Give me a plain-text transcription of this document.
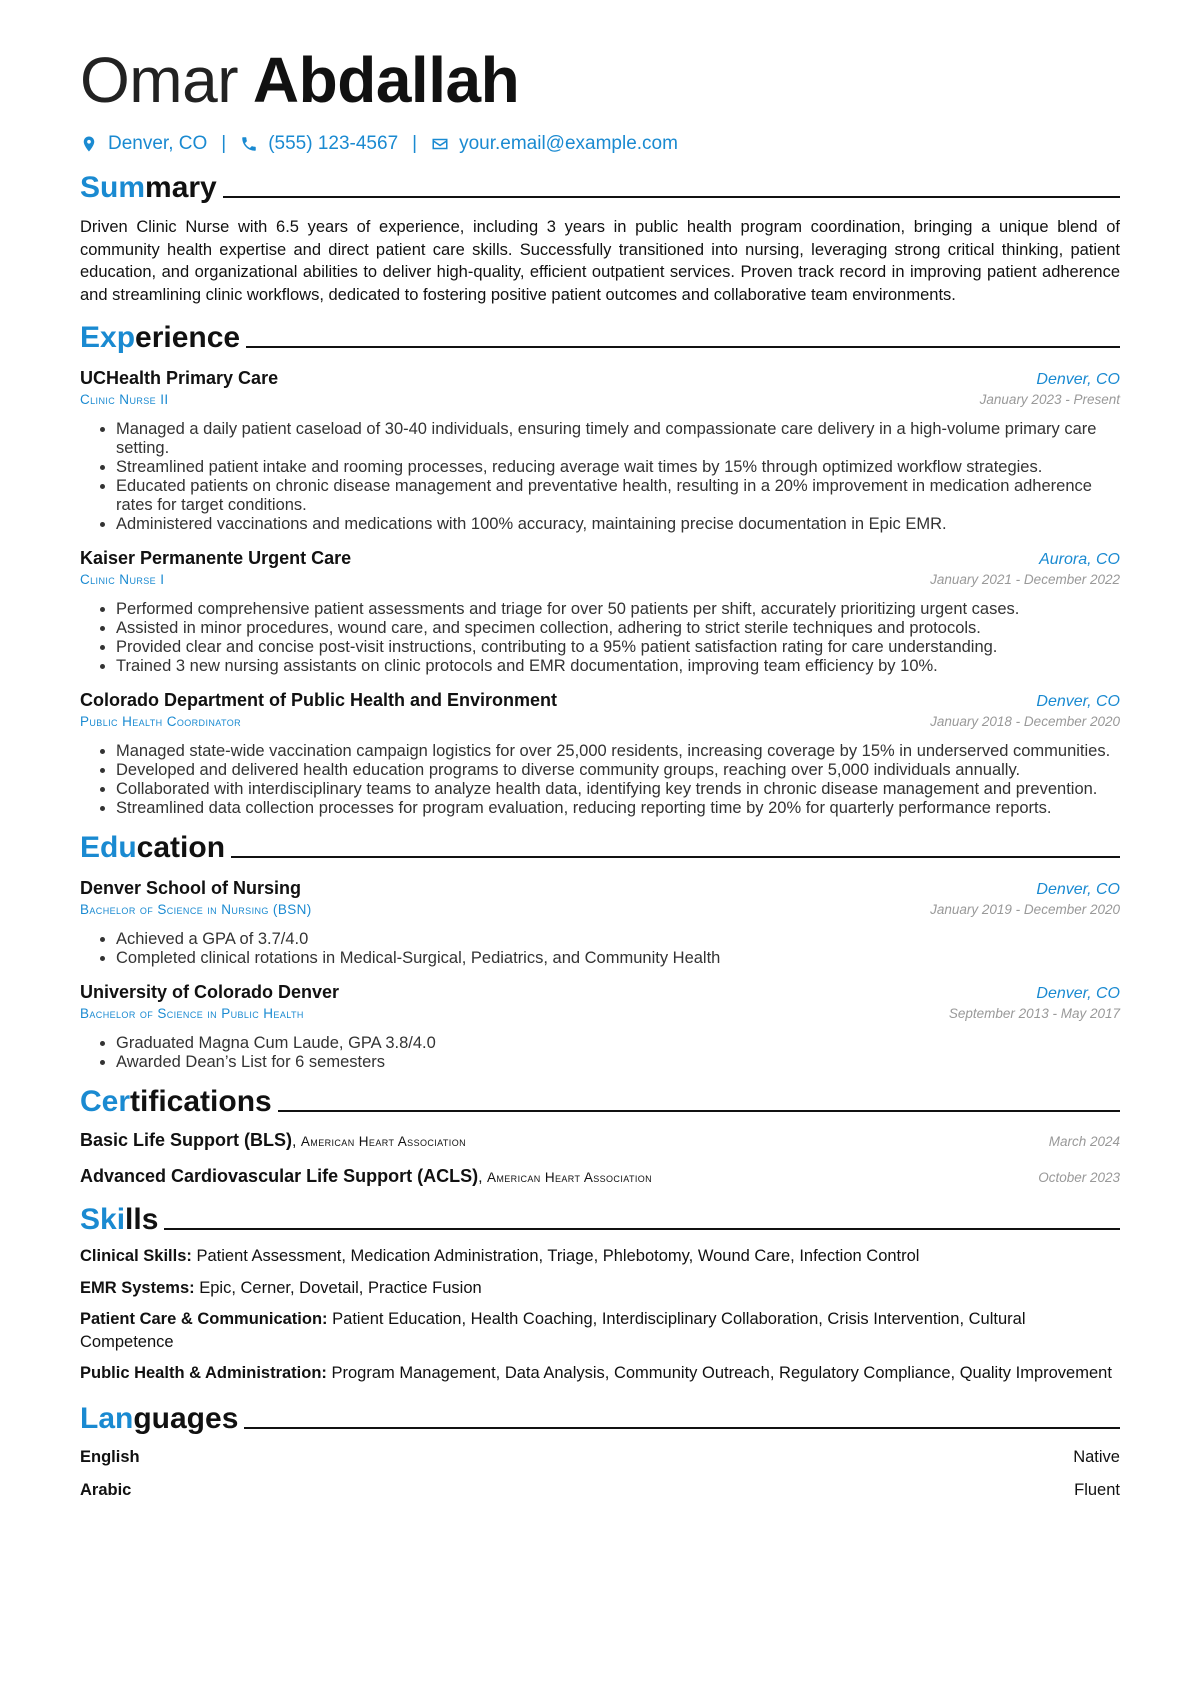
Omar Abdallah
Denver, CO | (555) 123-4567 | your.email@example.com
Summary

Driven Clinic Nurse with 6.5 years of experience, including 3 years in public health program coordination, bringing a unique blend of community health expertise and direct patient care skills. Successfully transitioned into nursing, leveraging strong critical thinking, patient education, and organizational abilities to deliver high-quality, efficient outpatient services. Proven track record in improving patient adherence and streamlining clinic workflows, dedicated to fostering positive patient outcomes and collaborative team environments.

Experience
UCHealth Primary Care	Denver, CO
Clinic Nurse II	January 2023 - Present
• Managed a daily patient caseload of 30-40 individuals, ensuring timely and compassionate care delivery in a high-volume primary care setting.
• Streamlined patient intake and rooming processes, reducing average wait times by 15% through optimized workflow strategies.
• Educated patients on chronic disease management and preventative health, resulting in a 20% improvement in medication adherence rates for target conditions.
• Administered vaccinations and medications with 100% accuracy, maintaining precise documentation in Epic EMR.
Kaiser Permanente Urgent Care	Aurora, CO
Clinic Nurse I	January 2021 - December 2022
• Performed comprehensive patient assessments and triage for over 50 patients per shift, accurately prioritizing urgent cases.
• Assisted in minor procedures, wound care, and specimen collection, adhering to strict sterile techniques and protocols.
• Provided clear and concise post-visit instructions, contributing to a 95% patient satisfaction rating for care understanding.
• Trained 3 new nursing assistants on clinic protocols and EMR documentation, improving team efficiency by 10%.
Colorado Department of Public Health and Environment	Denver, CO
Public Health Coordinator	January 2018 - December 2020
• Managed state-wide vaccination campaign logistics for over 25,000 residents, increasing coverage by 15% in underserved communities.
• Developed and delivered health education programs to diverse community groups, reaching over 5,000 individuals annually.
• Collaborated with interdisciplinary teams to analyze health data, identifying key trends in chronic disease management and prevention.
• Streamlined data collection processes for program evaluation, reducing reporting time by 20% for quarterly performance reports.
Education
Denver School of Nursing	Denver, CO
Bachelor of Science in Nursing (BSN)	January 2019 - December 2020
• Achieved a GPA of 3.7/4.0
• Completed clinical rotations in Medical-Surgical, Pediatrics, and Community Health
University of Colorado Denver	Denver, CO
Bachelor of Science in Public Health	September 2013 - May 2017
• Graduated Magna Cum Laude, GPA 3.8/4.0
• Awarded Dean’s List for 6 semesters
Certifications
Basic Life Support (BLS), American Heart Association	March 2024
Advanced Cardiovascular Life Support (ACLS), American Heart Association	October 2023
Skills
Clinical Skills: Patient Assessment, Medication Administration, Triage, Phlebotomy, Wound Care, Infection Control
EMR Systems: Epic, Cerner, Dovetail, Practice Fusion
Patient Care & Communication: Patient Education, Health Coaching, Interdisciplinary Collaboration, Crisis Intervention, Cultural Competence
Public Health & Administration: Program Management, Data Analysis, Community Outreach, Regulatory Compliance, Quality Improvement
Languages
English	Native
Arabic	Fluent
